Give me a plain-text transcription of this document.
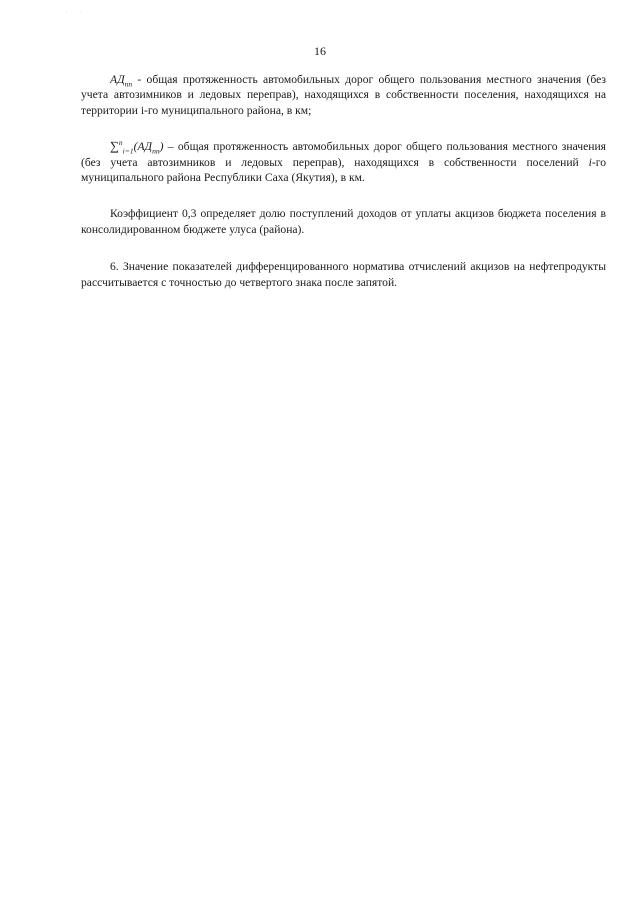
. .
16

$АД_{пп}$ - общая протяженность автомобильных дорог общего пользования местного значения (без учета автозимников и ледовых переправ), находящихся в собственности поселения, находящихся на территории i-го муниципального района, в км;

$\sum^n_{i=1}(АД_{пп})$ – общая протяженность автомобильных дорог общего пользования местного значения (без учета автозимников и ледовых переправ), находящихся в собственности поселений i-го муниципального района Республики Саха (Якутия), в км.

Коэффициент 0,3 определяет долю поступлений доходов от уплаты акцизов бюджета поселения в консолидированном бюджете улуса (района).

6. Значение показателей дифференцированного норматива отчислений акцизов на нефтепродукты рассчитывается с точностью до четвертого знака после запятой.
